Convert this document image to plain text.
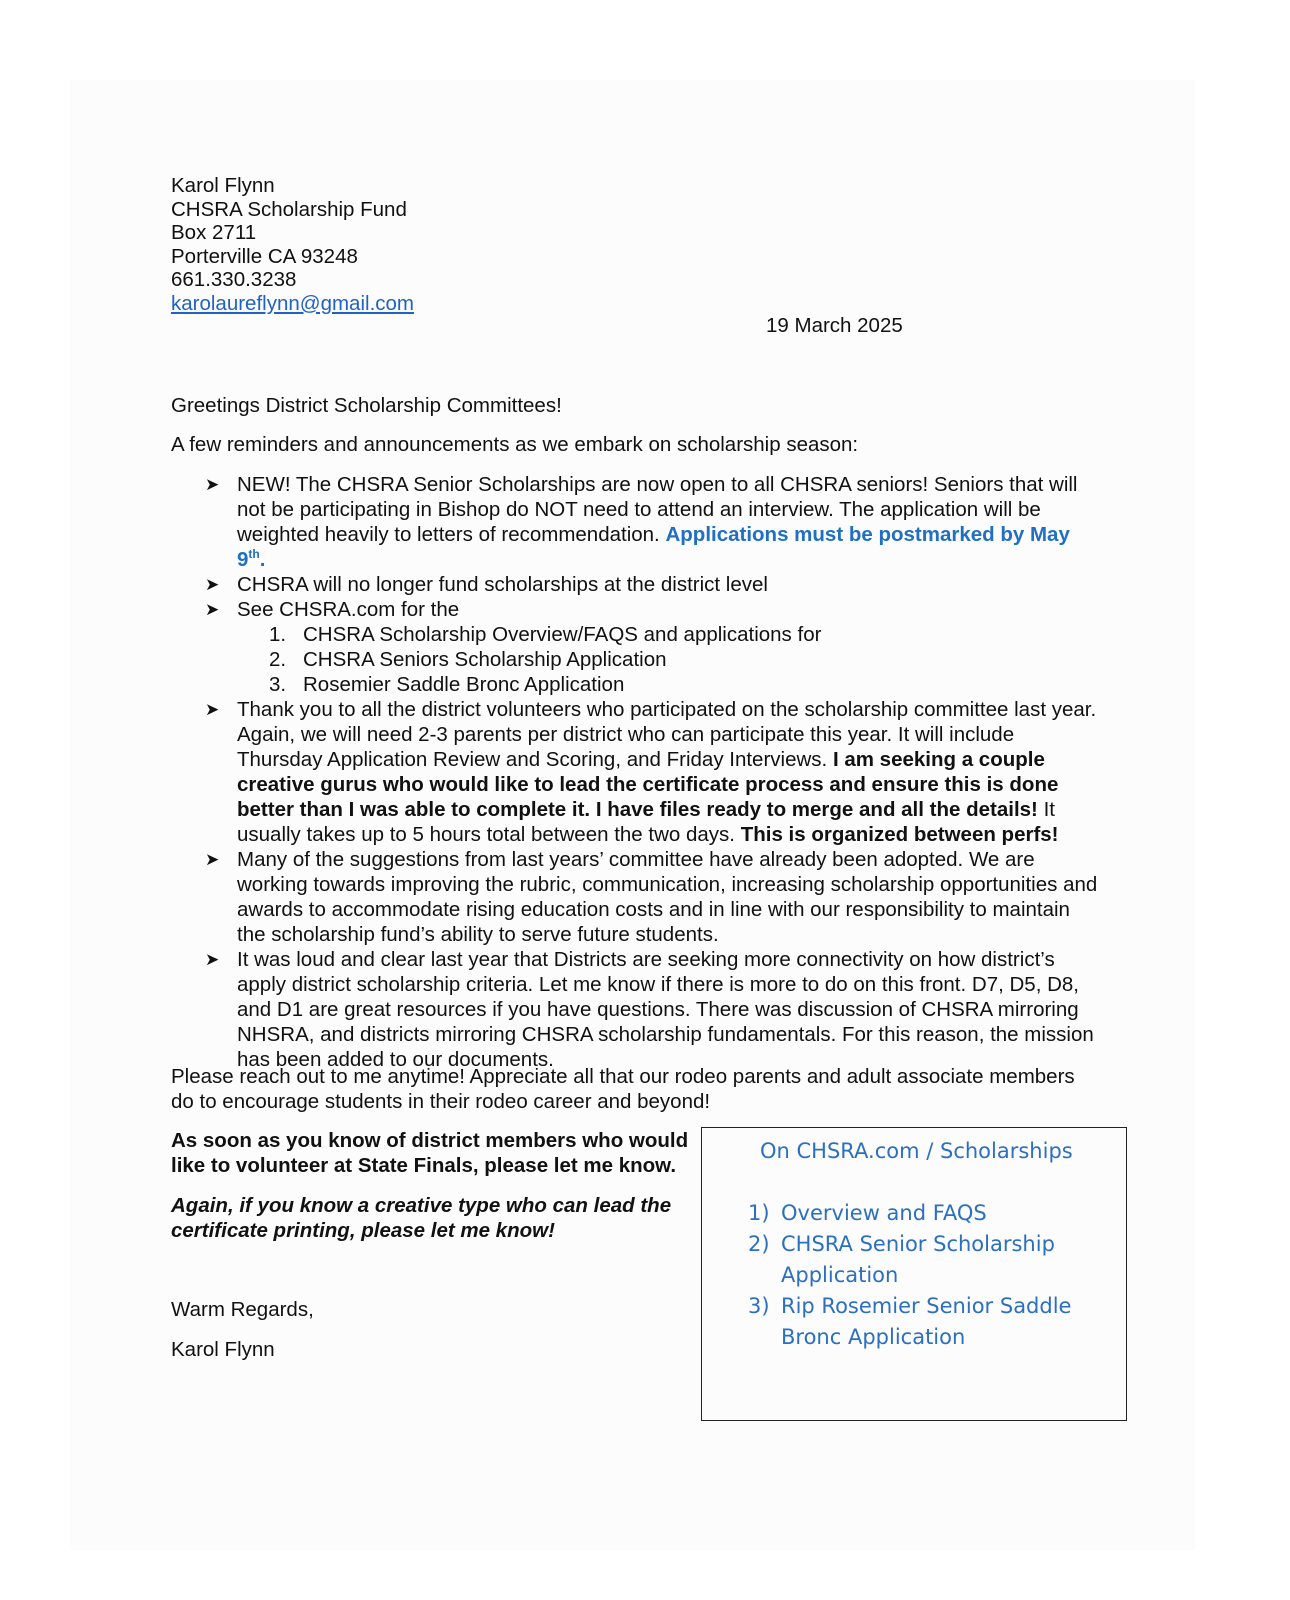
Karol Flynn
CHSRA Scholarship Fund
Box 2711
Porterville CA 93248
661.330.3238
karolaureflynn@gmail.com
19 March 2025
Greetings District Scholarship Committees!
A few reminders and announcements as we embark on scholarship season:
➤ NEW! The CHSRA Senior Scholarships are now open to all CHSRA seniors! Seniors that will not be participating in Bishop do NOT need to attend an interview. The application will be weighted heavily to letters of recommendation. Applications must be postmarked by May 9th.
➤ CHSRA will no longer fund scholarships at the district level
➤ See CHSRA.com for the
1. CHSRA Scholarship Overview/FAQS and applications for
2. CHSRA Seniors Scholarship Application
3. Rosemier Saddle Bronc Application
➤ Thank you to all the district volunteers who participated on the scholarship committee last year. Again, we will need 2-3 parents per district who can participate this year. It will include Thursday Application Review and Scoring, and Friday Interviews. I am seeking a couple creative gurus who would like to lead the certificate process and ensure this is done better than I was able to complete it. I have files ready to merge and all the details! It usually takes up to 5 hours total between the two days. This is organized between perfs!
➤ Many of the suggestions from last years’ committee have already been adopted. We are working towards improving the rubric, communication, increasing scholarship opportunities and awards to accommodate rising education costs and in line with our responsibility to maintain the scholarship fund’s ability to serve future students.
➤ It was loud and clear last year that Districts are seeking more connectivity on how district’s apply district scholarship criteria. Let me know if there is more to do on this front. D7, D5, D8, and D1 are great resources if you have questions. There was discussion of CHSRA mirroring NHSRA, and districts mirroring CHSRA scholarship fundamentals. For this reason, the mission has been added to our documents.
Please reach out to me anytime! Appreciate all that our rodeo parents and adult associate members do to encourage students in their rodeo career and beyond!

As soon as you know of district members who would like to volunteer at State Finals, please let me know.

Again, if you know a creative type who can lead the certificate printing, please let me know!

Warm Regards,
Karol Flynn
On CHSRA.com / Scholarships
1) Overview and FAQS
2) CHSRA Senior Scholarship Application
3) Rip Rosemier Senior Saddle Bronc Application
